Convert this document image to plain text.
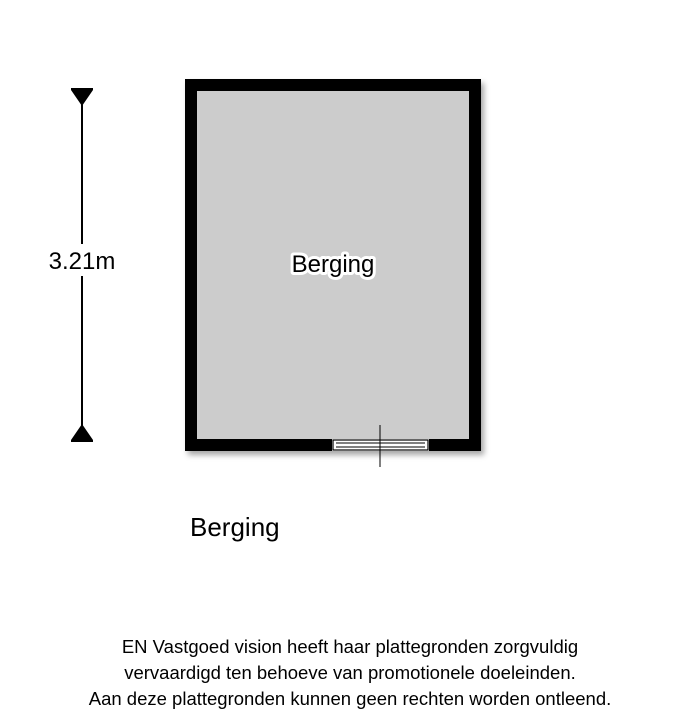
3.21m	Berging
Berging
EN Vastgoed vision heeft haar plattegronden zorgvuldig
vervaardigd ten behoeve van promotionele doeleinden.
Aan deze plattegronden kunnen geen rechten worden ontleend.
